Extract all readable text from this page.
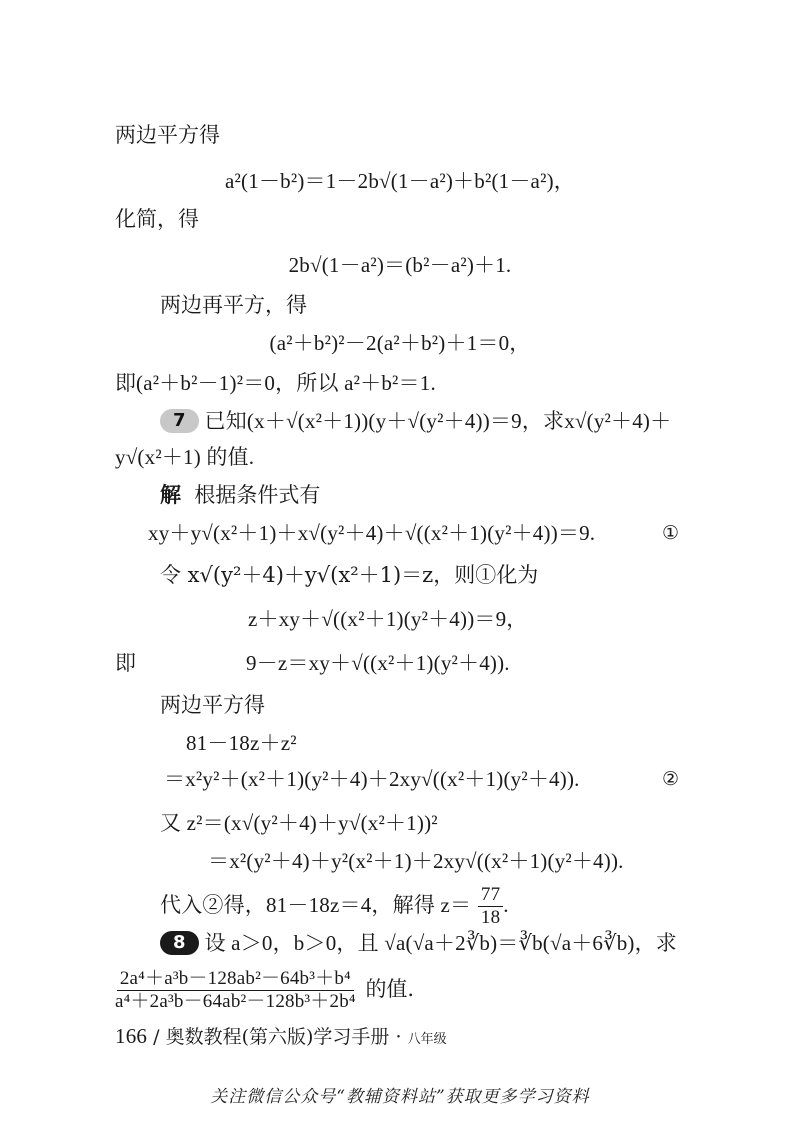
两边平方得
a²(1－b²)＝1－2b√(1－a²)＋b²(1－a²)，
化简，得
2b√(1－a²)＝(b²－a²)＋1.
两边再平方，得
(a²＋b²)²－2(a²＋b²)＋1＝0，
即(a²＋b²－1)²＝0，所以 a²＋b²＝1.
7 已知(x＋√(x²＋1))(y＋√(y²＋4))＝9，求x√(y²＋4)＋
y√(x²＋1) 的值.
解 根据条件式有
xy＋y√(x²＋1)＋x√(y²＋4)＋√((x²＋1)(y²＋4))＝9.	①
令 x√(y²＋4)＋y√(x²＋1)＝z，则①化为
z＋xy＋√((x²＋1)(y²＋4))＝9，
即	9－z＝xy＋√((x²＋1)(y²＋4)).
两边平方得
81－18z＋z²
＝x²y²＋(x²＋1)(y²＋4)＋2xy√((x²＋1)(y²＋4)).	②
又 z²＝(x√(y²＋4)＋y√(x²＋1))²
＝x²(y²＋4)＋y²(x²＋1)＋2xy√((x²＋1)(y²＋4)).
代入②得，81－18z＝4，解得 $z= \frac{77}{18}$ .
8 设 a＞0，b＞0，且 √a(√a＋2∛b)＝∛b(√a＋6∛b)，求
$\frac{\text{2a⁴＋a³b－128ab²－64b³＋b⁴}}{\text{a⁴＋2a³b－64ab²－128b³＋2b⁴}}$ 的值.
166 / 奥数教程(第六版)学习手册 · 八年级
关注微信公众号“教辅资料站”获取更多学习资料
